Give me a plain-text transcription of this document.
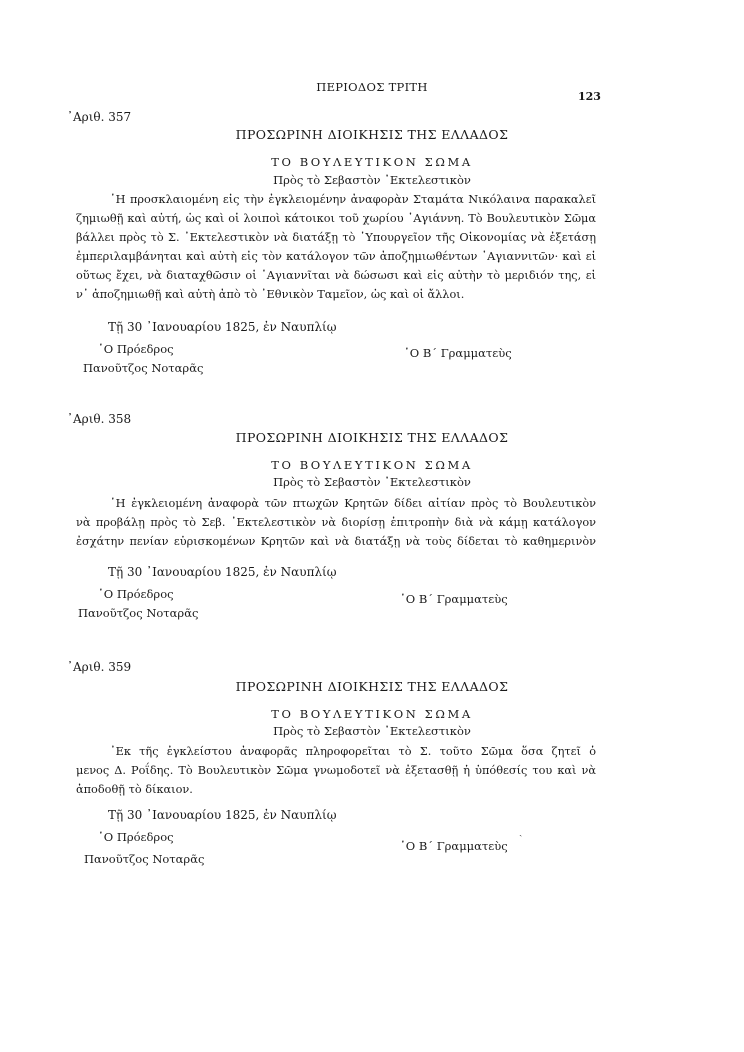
ΠΕΡΙΟΔΟΣ ΤΡΙΤΗ
123
᾿Αριθ. 357
ΠΡΟΣΩΡΙΝΗ ΔΙΟΙΚΗΣΙΣ ΤΗΣ ΕΛΛΑΔΟΣ
ΤΟ ΒΟΥΛΕΥΤΙΚΟΝ ΣΩΜΑ
Πρὸς τὸ Σεβαστὸν ᾿Εκτελεστικὸν
῾Η προσκλαιομένη εἰς τὴν ἐγκλειομένην ἀναφορὰν Σταμάτα Νικόλαινα παρακαλεῖ
ζημιωθῇ καὶ αὐτή, ὡς καὶ οἱ λοιποὶ κάτοικοι τοῦ χωρίου ῾Αγιάννη. Τὸ Βουλευτικὸν Σῶμα
βάλλει πρὸς τὸ Σ. ᾿Εκτελεστικὸν νὰ διατάξῃ τὸ ῾Υπουργεῖον τῆς Οἰκονομίας νὰ ἐξετάσῃ
ἐμπεριλαμβάνηται καὶ αὐτὴ εἰς τὸν κατάλογον τῶν ἀποζημιωθέντων ῾Αγιαννιτῶν· καὶ εἰ
οὕτως ἔχει, νὰ διαταχθῶσιν οἱ ῾Αγιαννῖται νὰ δώσωσι καὶ εἰς αὐτὴν τὸ μεριδιόν της, εἰ
ν᾿ ἀποζημιωθῇ καὶ αὐτὴ ἀπὸ τὸ ᾿Εθνικὸν Ταμεῖον, ὡς καὶ οἱ ἄλλοι.
Τῇ 30 ᾿Ιανουαρίου 1825, ἐν Ναυπλίῳ
῾Ο Πρόεδρος	῾Ο Β΄ Γραμματεὺς
Πανοῦτζος Νοταρᾶς
᾿Αριθ. 358
ΠΡΟΣΩΡΙΝΗ ΔΙΟΙΚΗΣΙΣ ΤΗΣ ΕΛΛΑΔΟΣ
ΤΟ ΒΟΥΛΕΥΤΙΚΟΝ ΣΩΜΑ
Πρὸς τὸ Σεβαστὸν ᾿Εκτελεστικὸν
῾Η ἐγκλειομένη ἀναφορὰ τῶν πτωχῶν Κρητῶν δίδει αἰτίαν πρὸς τὸ Βουλευτικὸν
νὰ προβάλῃ πρὸς τὸ Σεβ. ᾿Εκτελεστικὸν νὰ διορίσῃ ἐπιτροπὴν διὰ νὰ κάμῃ κατάλογον
ἐσχάτην πενίαν εὑρισκομένων Κρητῶν καὶ νὰ διατάξῃ νὰ τοὺς δίδεται τὸ καθημερινὸν
Τῇ 30 ᾿Ιανουαρίου 1825, ἐν Ναυπλίῳ
῾Ο Πρόεδρος	῾Ο Β΄ Γραμματεὺς
Πανοῦτζος Νοταρᾶς
᾿Αριθ. 359
ΠΡΟΣΩΡΙΝΗ ΔΙΟΙΚΗΣΙΣ ΤΗΣ ΕΛΛΑΔΟΣ
ΤΟ ΒΟΥΛΕΥΤΙΚΟΝ ΣΩΜΑ
Πρὸς τὸ Σεβαστὸν ᾿Εκτελεστικὸν
᾿Εκ τῆς ἐγκλείστου ἀναφορᾶς πληροφορεῖται τὸ Σ. τοῦτο Σῶμα ὅσα ζητεῖ ὁ
μενος Δ. Ροΐδης. Τὸ Βουλευτικὸν Σῶμα γνωμοδοτεῖ νὰ ἐξετασθῇ ἡ ὑπόθεσίς του καὶ νὰ
ἀποδοθῇ τὸ δίκαιον.
Τῇ 30 ᾿Ιανουαρίου 1825, ἐν Ναυπλίῳ
ˏ
῾Ο Πρόεδρος
῾Ο Β΄ Γραμματεὺς
Πανοῦτζος Νοταρᾶς
